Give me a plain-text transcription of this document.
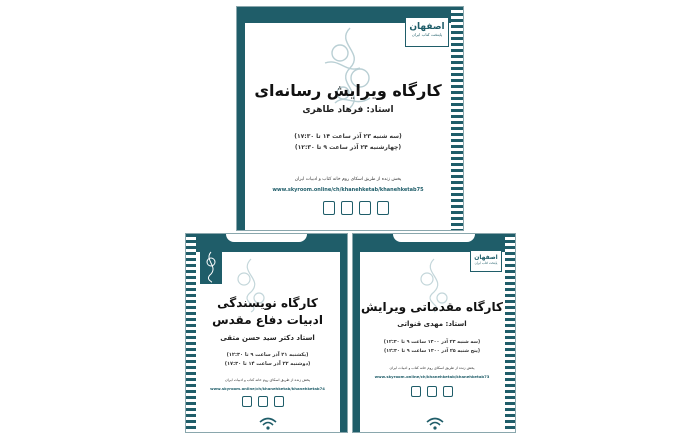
اصفهان
پایتخت کتاب ایران
کارگاه ویرایش رسانه‌ای
استاد: فرهاد طاهری
(سه شنبه ۲۳ آذر ساعت ۱۴ تا ۱۷:۳۰)
(چهارشنبه ۲۴ آذر ساعت ۹ تا ۱۲:۳۰)
پخش زنده از طریق اسکای روم خانه کتاب و ادبیات ایران
www.skyroom.online/ch/khanehketab/khanehketab75
کارگاه نویسندگی
ادبیات دفاع مقدس
استاد دکتر سید حسن متقی
(یکشنبه ۲۱ آذر ساعت ۹ تا ۱۲:۳۰)
(دوشنبه ۲۲ آذر ساعت ۱۴ تا ۱۷:۳۰)
پخش زنده از طریق اسکای روم خانه کتاب و ادبیات ایران
www.skyroom.online/ch/khanehketab/khanehketab74
اصفهان
پایتخت کتاب ایران
کارگاه مقدماتی ویرایش
استاد: مهدی قنواتی
(سه شنبه ۲۳ آذر ۱۴۰۰ ساعت ۹ تا ۱۲:۳۰)
(پنج شنبه ۲۵ آذر ۱۴۰۰ ساعت ۹ تا ۱۲:۳۰)
پخش زنده از طریق اسکای روم خانه کتاب و ادبیات ایران
www.skyroom.online/ch/khanehketab/khanehketab73
